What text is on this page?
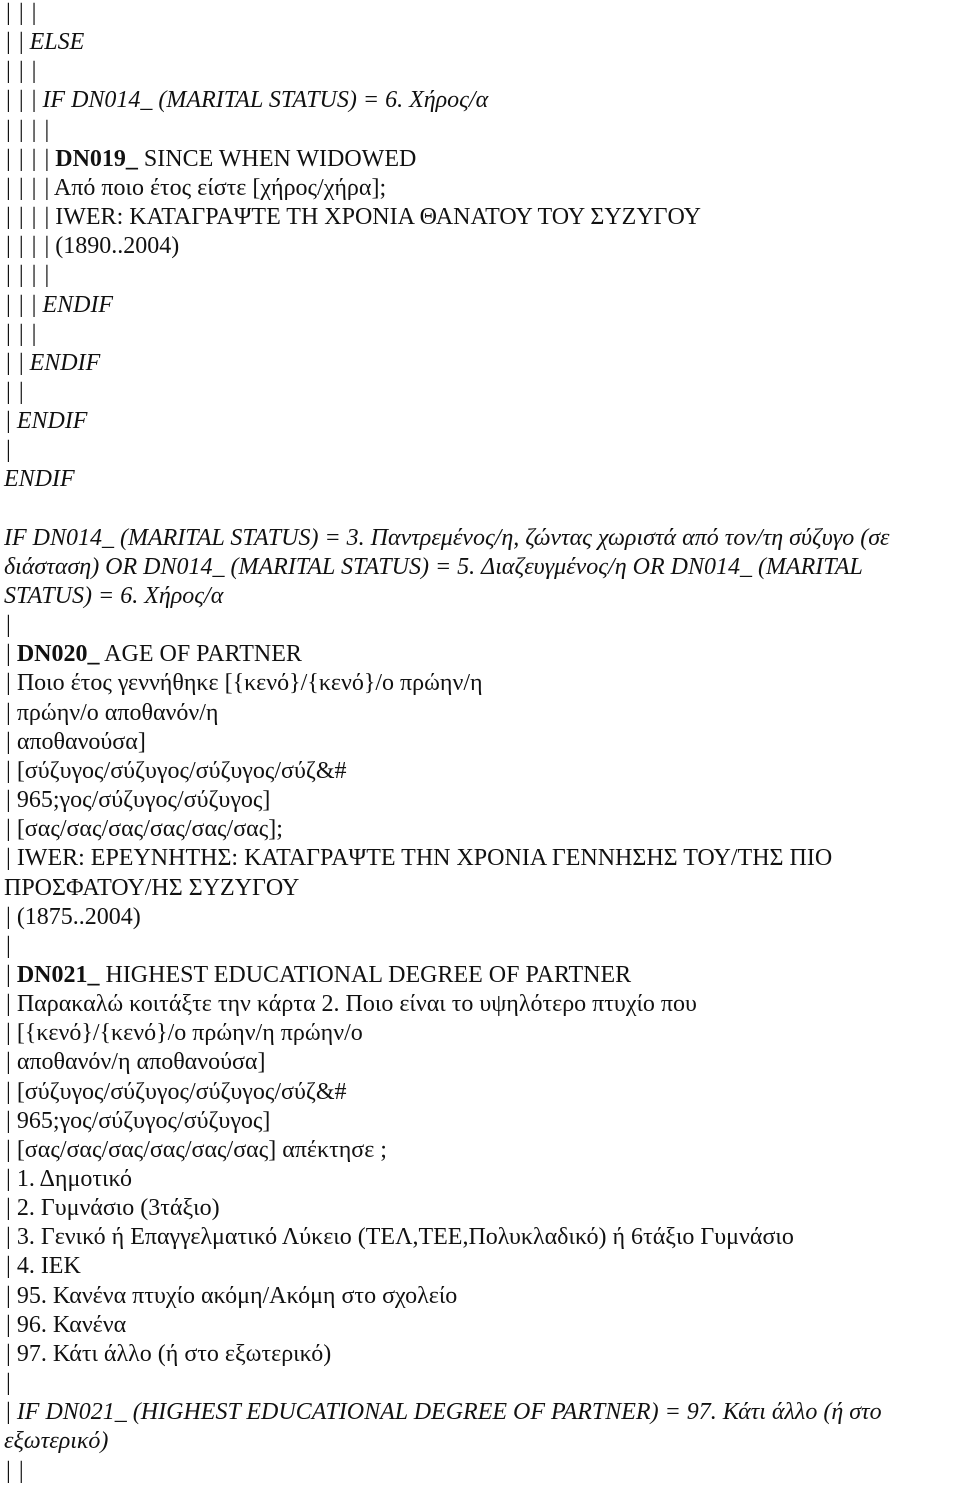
| | |
| | ELSE
| | |
| | | IF DN014_ (MARITAL STATUS) = 6. Χήρος/α
| | | |
| | | | DN019_ SINCE WHEN WIDOWED
| | | | Από ποιο έτος είστε [χήρος/χήρα];
| | | | IWER: ΚΑΤΑΓΡΑΨΤΕ ΤΗ ΧΡΟΝΙΑ ΘΑΝΑΤΟΥ ΤΟΥ ΣΥΖΥΓΟΥ
| | | | (1890..2004)
| | | |
| | | ENDIF
| | |
| | ENDIF
| |
| ENDIF
|
ENDIF
IF DN014_ (MARITAL STATUS) = 3. Παντρεμένος/η, ζώντας χωριστά από τον/τη σύζυγο (σε
διάσταση) OR DN014_ (MARITAL STATUS) = 5. Διαζευγμένος/η OR DN014_ (MARITAL
STATUS) = 6. Χήρος/α
|
| DN020_ AGE OF PARTNER
| Ποιο έτος γεννήθηκε [{κενό}/{κενό}/ο πρώην/η
| πρώην/ο αποθανόν/η
| αποθανούσα]
| [σύζυγος/σύζυγος/σύζυγος/σύζ&#
| 965;γος/σύζυγος/σύζυγος]
| [σας/σας/σας/σας/σας/σας];
| IWER: ΕΡΕΥΝΗΤΗΣ: ΚΑΤΑΓΡΑΨΤΕ ΤΗΝ ΧΡΟΝΙΑ ΓΕΝΝΗΣΗΣ ΤΟΥ/ΤΗΣ ΠΙΟ
ΠΡΟΣΦΑΤΟΥ/ΗΣ ΣΥΖΥΓΟΥ
| (1875..2004)
|
| DN021_ HIGHEST EDUCATIONAL DEGREE OF PARTNER
| Παρακαλώ κοιτάξτε την κάρτα 2. Ποιο είναι το υψηλότερο πτυχίο που
| [{κενό}/{κενό}/ο πρώην/η πρώην/ο
| αποθανόν/η αποθανούσα]
| [σύζυγος/σύζυγος/σύζυγος/σύζ&#
| 965;γος/σύζυγος/σύζυγος]
| [σας/σας/σας/σας/σας/σας] απέκτησε ;
| 1. Δημοτικό
| 2. Γυμνάσιο (3τάξιο)
| 3. Γενικό ή Επαγγελματικό Λύκειο (ΤΕΛ,ΤΕΕ,Πολυκλαδικό) ή 6τάξιο Γυμνάσιο
| 4. ΙΕΚ
| 95. Κανένα πτυχίο ακόμη/Ακόμη στο σχολείο
| 96. Κανένα
| 97. Κάτι άλλο (ή στο εξωτερικό)
|
| IF DN021_ (HIGHEST EDUCATIONAL DEGREE OF PARTNER) = 97. Κάτι άλλο (ή στο
εξωτερικό)
| |
